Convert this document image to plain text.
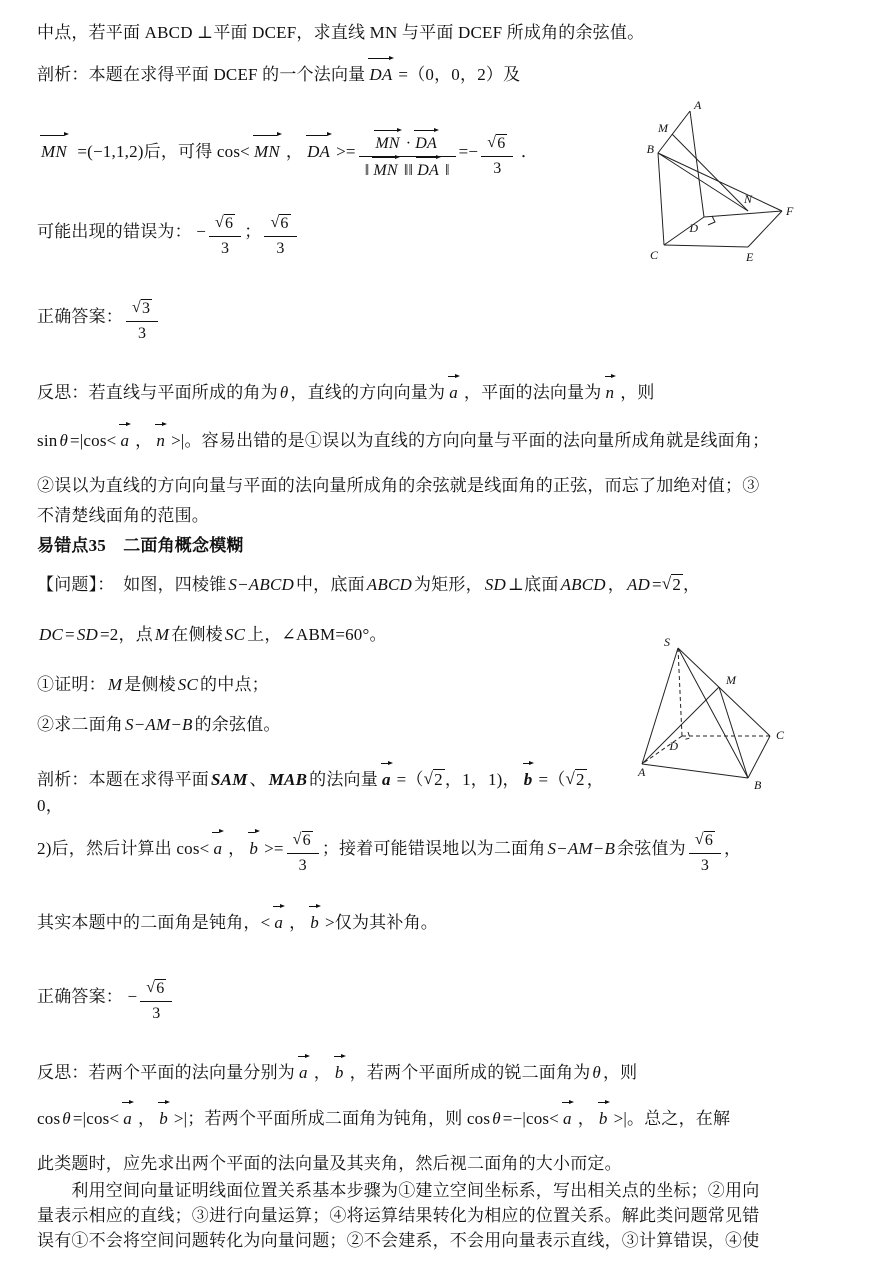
中点，若平面 ABCD ⊥平面 DCEF，求直线 MN 与平面 DCEF 所成角的余弦值。

剖析：本题在求得平面 DCEF 的一个法向量 DA =（0，0，2）及

MN =(−1,1,2)后，可得 cos< MN ， DA >= $\frac{MN \cdot DA}{‖ MN ‖‖ DA ‖} =- \frac{√6}{3}$ ．

可能出现的错误为： − $\frac{√6}{3}$ ； $\frac{√6}{3}$

正确答案： $\frac{√3}{3}$

反思：若直线与平面所成的角为 θ ，直线的方向向量为 a ，平面的法向量为 n ，则

sin θ =|cos< a ， n >|。容易出错的是①误以为直线的方向向量与平面的法向量所成角就是线面角；

②误以为直线的方向向量与平面的法向量所成角的余弦就是线面角的正弦，而忘了加绝对值；③

不清楚线面角的范围。

易错点35　二面角概念模糊

【问题】：　如图，四棱锥 S−ABCD 中，底面 ABCD 为矩形， SD ⊥底面 ABCD ， AD =√2 ，

DC = SD =2，点 M 在侧棱 SC 上，∠ABM=60°。

①证明： M 是侧棱 SC 的中点；

②求二面角 S−AM−B 的余弦值。

剖析：本题在求得平面 SAM 、 MAB 的法向量 a =（√2 ，1，1)， b =（√2 ，0，

2)后，然后计算出 cos< a ， $b >= \frac{√6}{3}$ ；接着可能错误地以为二面角 S−AM−B 余弦值为 $\frac{√6}{3}$ ，

其实本题中的二面角是钝角，< a ， b >仅为其补角。

正确答案： − $\frac{√6}{3}$

反思：若两个平面的法向量分别为 a ， b ，若两个平面所成的锐二面角为 θ ，则

cos θ =|cos< a ， b >|；若两个平面所成二面角为钝角，则 cos θ =−|cos< a ， b >|。总之，在解

此类题时，应先求出两个平面的法向量及其夹角，然后视二面角的大小而定。

　　利用空间向量证明线面位置关系基本步骤为①建立空间坐标系，写出相关点的坐标；②用向

量表示相应的直线；③进行向量运算；④将运算结果转化为相应的位置关系。解此类问题常见错

误有①不会将空间问题转化为向量问题；②不会建系，不会用向量表示直线，③计算错误，④使

A
M
B
N
D
F
C	E
S
M
A
B
C
D
